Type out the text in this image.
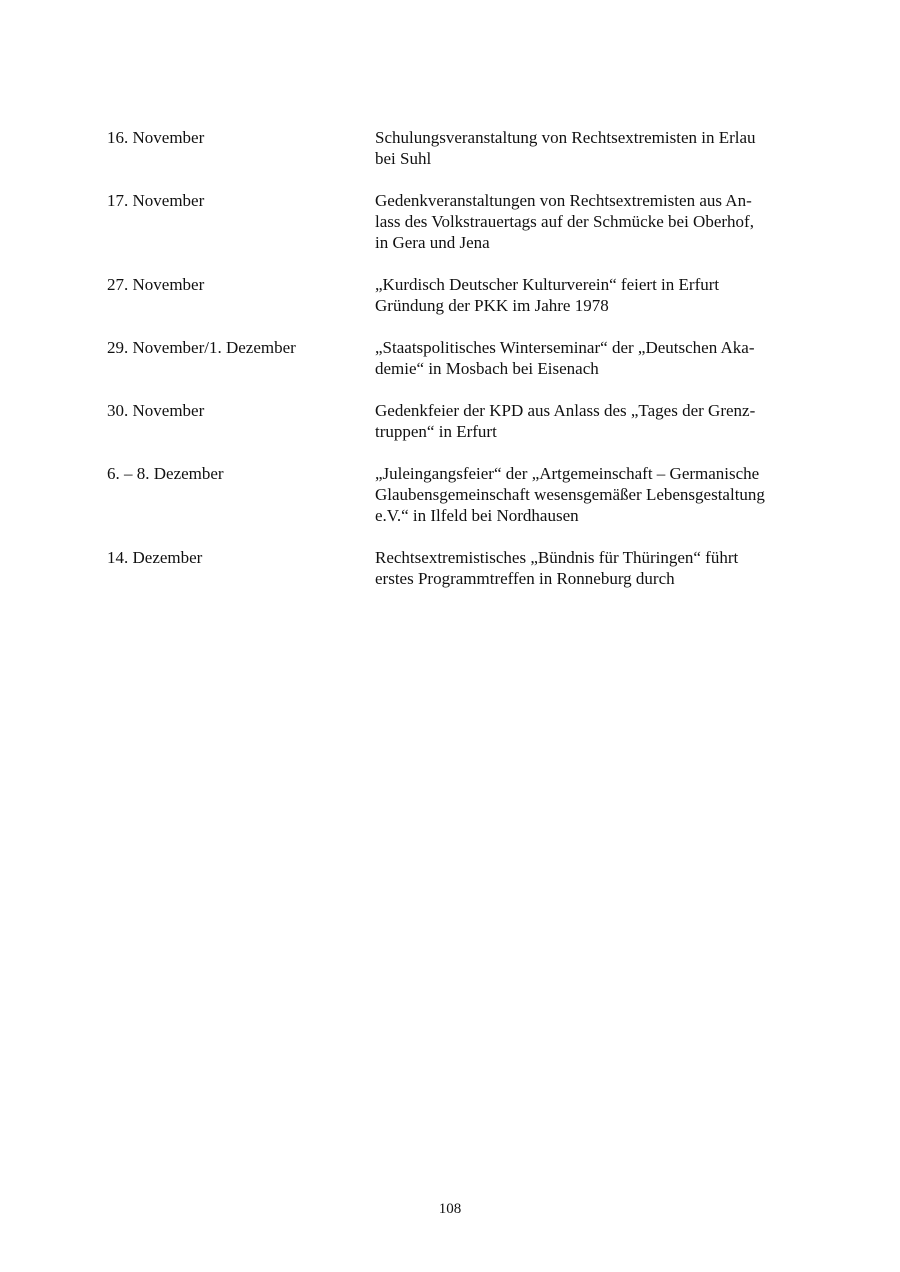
16. November	Schulungsveranstaltung von Rechtsextremisten in Erlau
bei Suhl
17. November	Gedenkveranstaltungen von Rechtsextremisten aus An-
lass des Volkstrauertags auf der Schmücke bei Oberhof,
in Gera und Jena
27. November	„Kurdisch Deutscher Kulturverein“ feiert in Erfurt
Gründung der PKK im Jahre 1978
29. November/1. Dezember	„Staatspolitisches Winterseminar“ der „Deutschen Aka-
demie“ in Mosbach bei Eisenach
30. November	Gedenkfeier der KPD aus Anlass des „Tages der Grenz-
truppen“ in Erfurt
6. – 8. Dezember	„Juleingangsfeier“ der „Artgemeinschaft – Germanische
Glaubensgemeinschaft wesensgemäßer Lebensgestaltung
e.V.“ in Ilfeld bei Nordhausen
14. Dezember	Rechtsextremistisches „Bündnis für Thüringen“ führt
erstes Programmtreffen in Ronneburg durch
108
